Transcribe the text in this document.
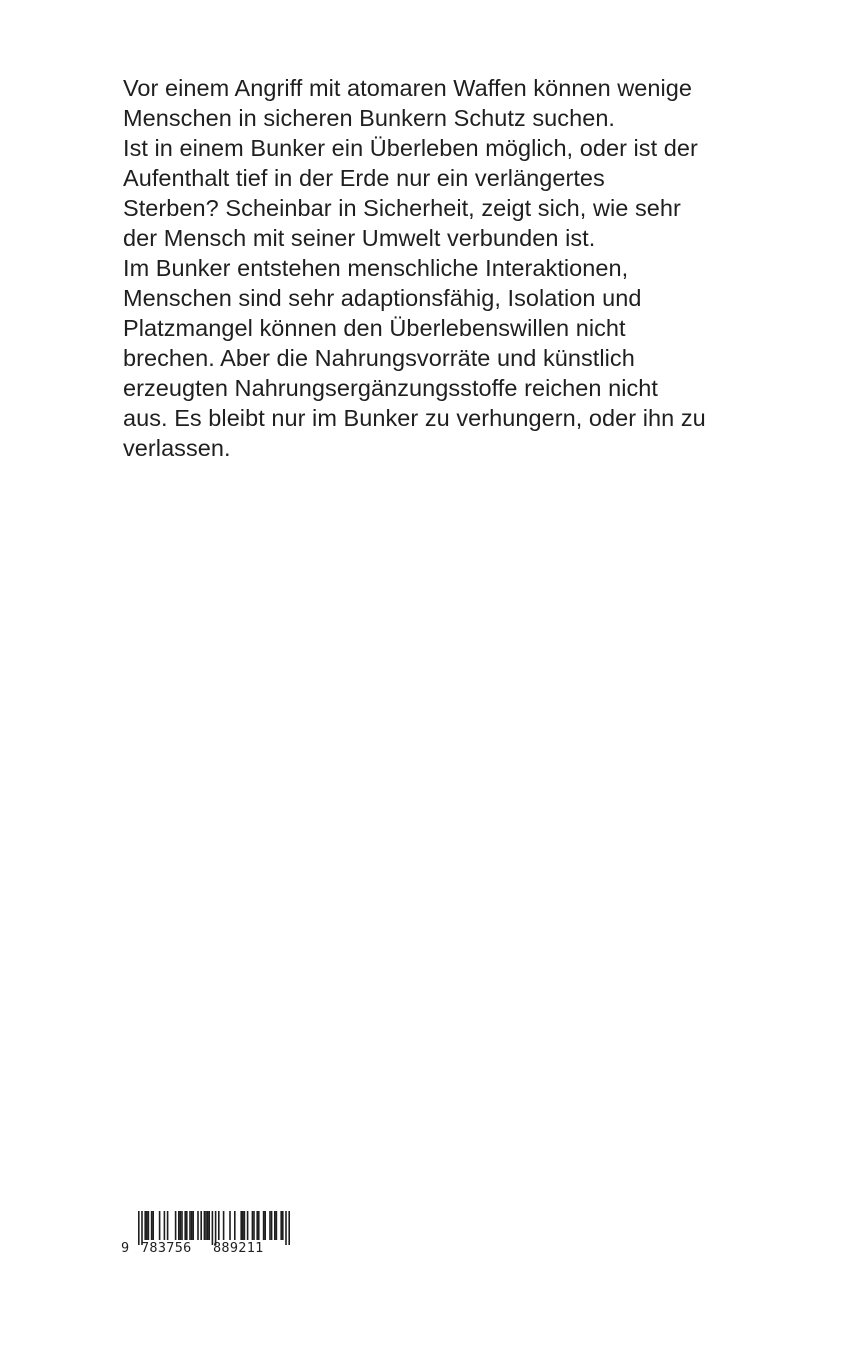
Vor einem Angriff mit atomaren Waffen können wenige
Menschen in sicheren Bunkern Schutz suchen.
Ist in einem Bunker ein Überleben möglich, oder ist der
Aufenthalt tief in der Erde nur ein verlängertes
Sterben? Scheinbar in Sicherheit, zeigt sich, wie sehr
der Mensch mit seiner Umwelt verbunden ist.
Im Bunker entstehen menschliche Interaktionen,
Menschen sind sehr adaptionsfähig, Isolation und
Platzmangel können den Überlebenswillen nicht
brechen. Aber die Nahrungsvorräte und künstlich
erzeugten Nahrungsergänzungsstoffe reichen nicht
aus. Es bleibt nur im Bunker zu verhungern, oder ihn zu
verlassen.

9 783756 889211
